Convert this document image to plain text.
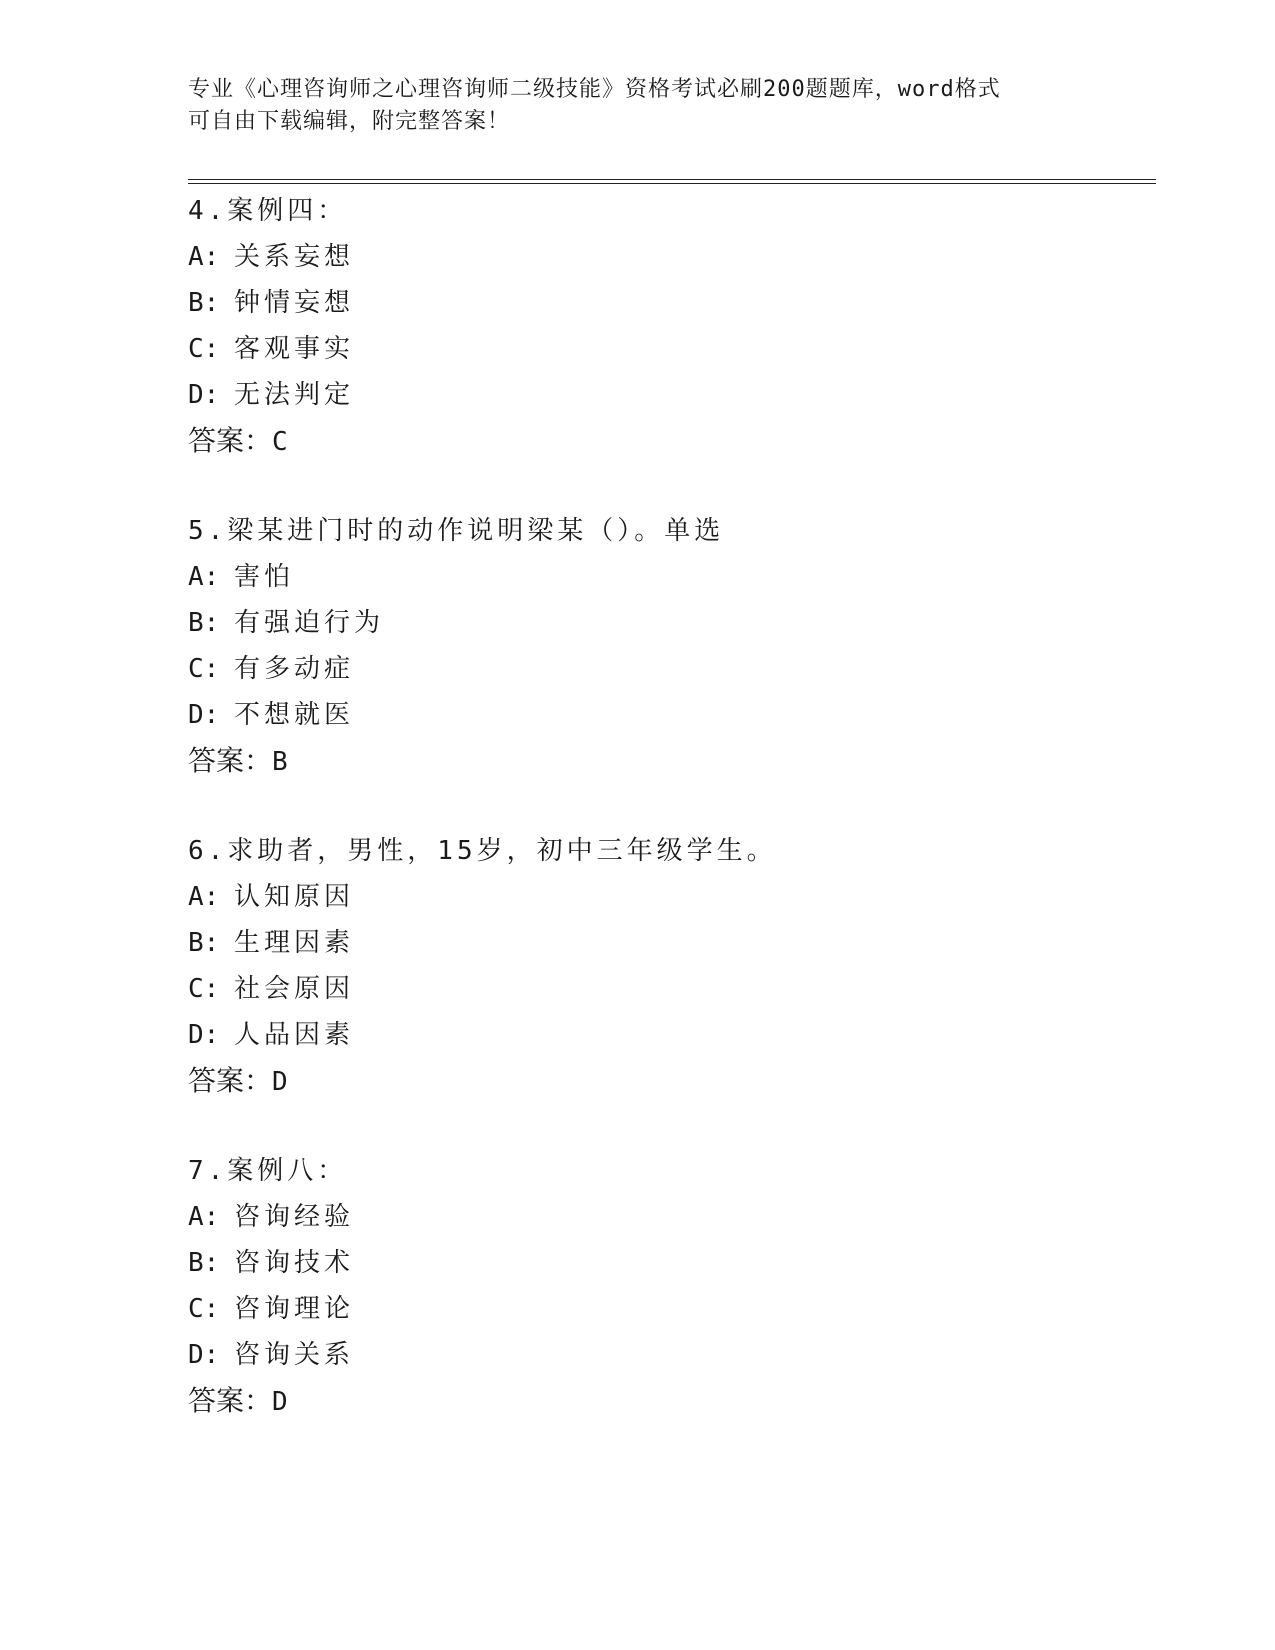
专业《心理咨询师之心理咨询师二级技能》资格考试必刷200题题库，word格式
可自由下载编辑，附完整答案！
4.案例四：
A: 关系妄想
B: 钟情妄想
C: 客观事实
D: 无法判定
答案：C
5.梁某进门时的动作说明梁某（）。单选
A: 害怕
B: 有强迫行为
C: 有多动症
D: 不想就医
答案：B
6.求助者，男性，15岁，初中三年级学生。
A: 认知原因
B: 生理因素
C: 社会原因
D: 人品因素
答案：D
7.案例八：
A: 咨询经验
B: 咨询技术
C: 咨询理论
D: 咨询关系
答案：D
